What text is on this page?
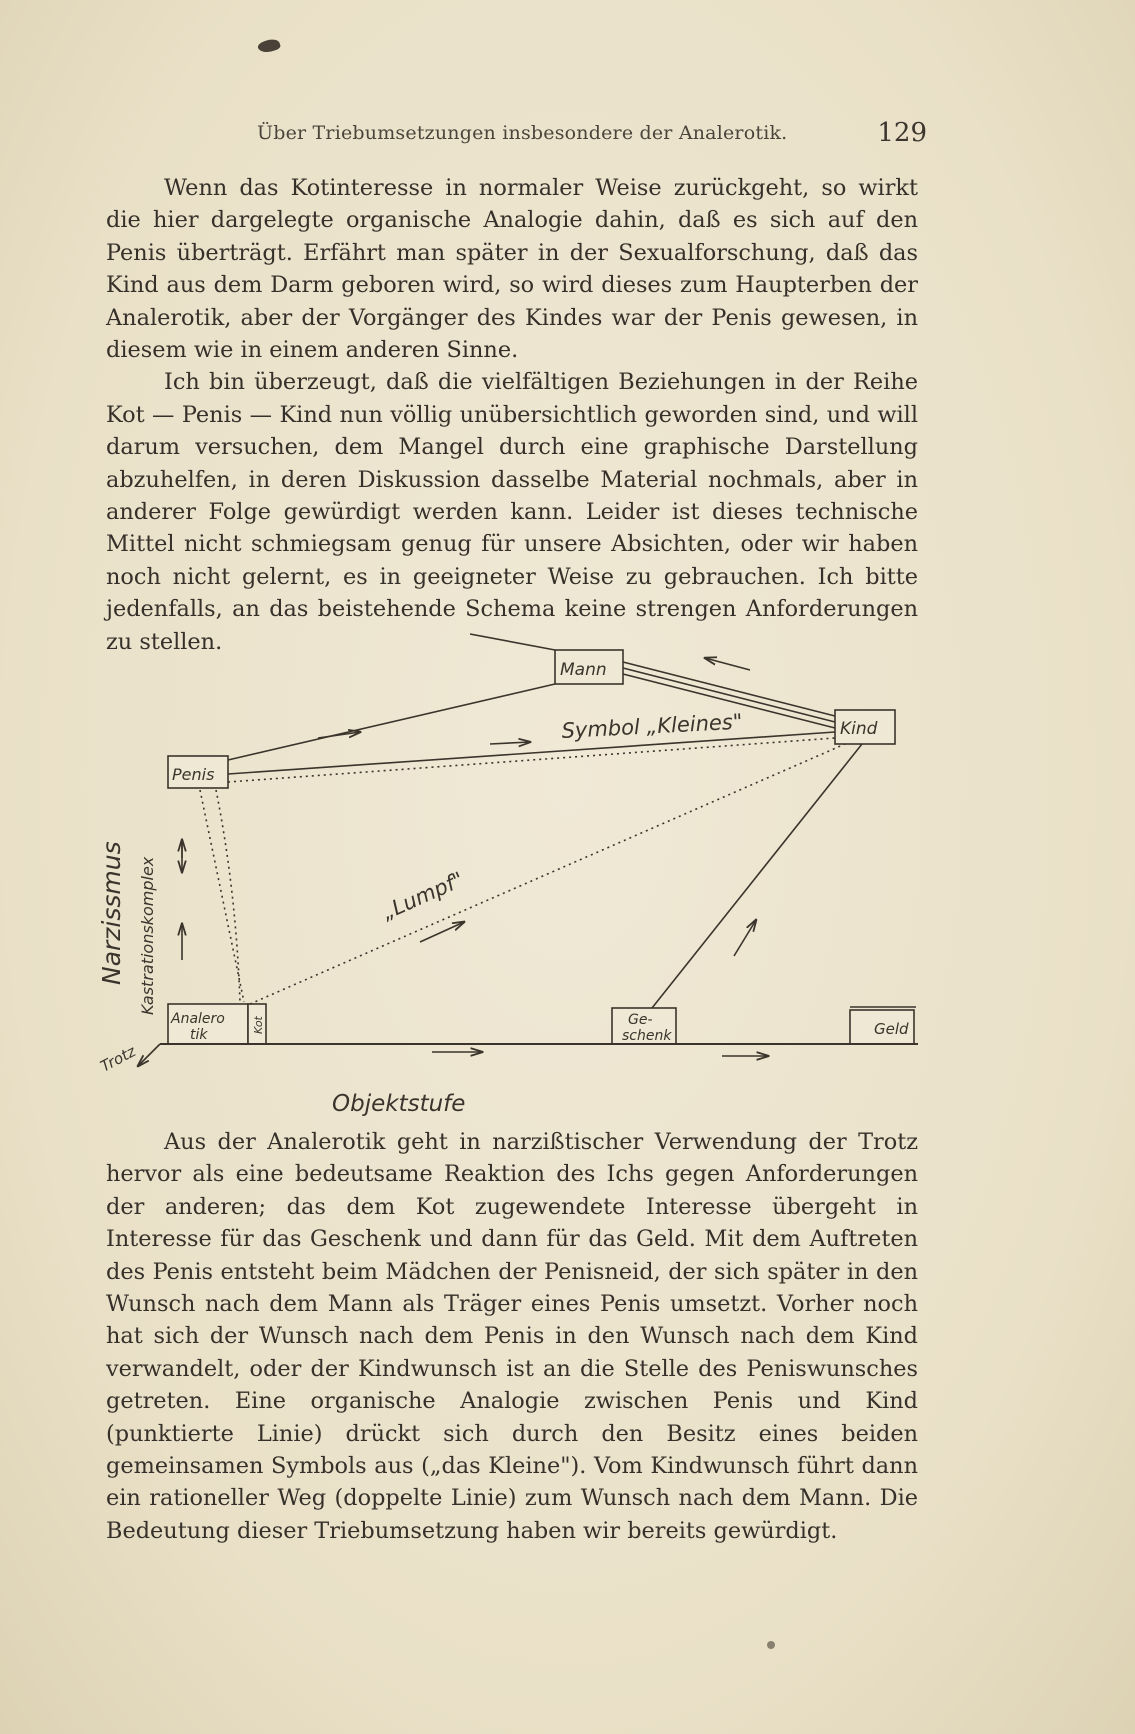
Über Triebumsetzungen insbesondere der Analerotik.	129

Wenn das Kotinteresse in normaler Weise zurückgeht, so wirkt die hier dargelegte organische Analogie dahin, daß es sich auf den Penis überträgt. Erfährt man später in der Sexualforschung, daß das Kind aus dem Darm geboren wird, so wird dieses zum Haupterben der Analerotik, aber der Vorgänger des Kindes war der Penis gewesen, in diesem wie in einem anderen Sinne.

Ich bin überzeugt, daß die vielfältigen Beziehungen in der Reihe Kot — Penis — Kind nun völlig unübersichtlich geworden sind, und will darum versuchen, dem Mangel durch eine graphische Darstellung abzuhelfen, in deren Diskussion dasselbe Material nochmals, aber in anderer Folge gewürdigt werden kann. Leider ist dieses technische Mittel nicht schmiegsam genug für unsere Absichten, oder wir haben noch nicht gelernt, es in geeigneter Weise zu gebrauchen. Ich bitte jedenfalls, an das beistehende Schema keine strengen Anforderungen zu stellen.

Mann
Kind
Penis
Analero
tik
Kot	Ge-
schenk	Geld
Symbol „Kleines"
„Lumpf"
Narzissmus Kastrationskomplex
Trotz
Objektstufe

Aus der Analerotik geht in narzißtischer Verwendung der Trotz hervor als eine bedeutsame Reaktion des Ichs gegen Anforderungen der anderen; das dem Kot zugewendete Interesse übergeht in Interesse für das Geschenk und dann für das Geld. Mit dem Auftreten des Penis entsteht beim Mädchen der Penisneid, der sich später in den Wunsch nach dem Mann als Träger eines Penis umsetzt. Vorher noch hat sich der Wunsch nach dem Penis in den Wunsch nach dem Kind verwandelt, oder der Kindwunsch ist an die Stelle des Peniswunsches getreten. Eine organische Analogie zwischen Penis und Kind (punktierte Linie) drückt sich durch den Besitz eines beiden gemeinsamen Symbols aus („das Kleine"). Vom Kindwunsch führt dann ein rationeller Weg (doppelte Linie) zum Wunsch nach dem Mann. Die Bedeutung dieser Triebumsetzung haben wir bereits gewürdigt.
